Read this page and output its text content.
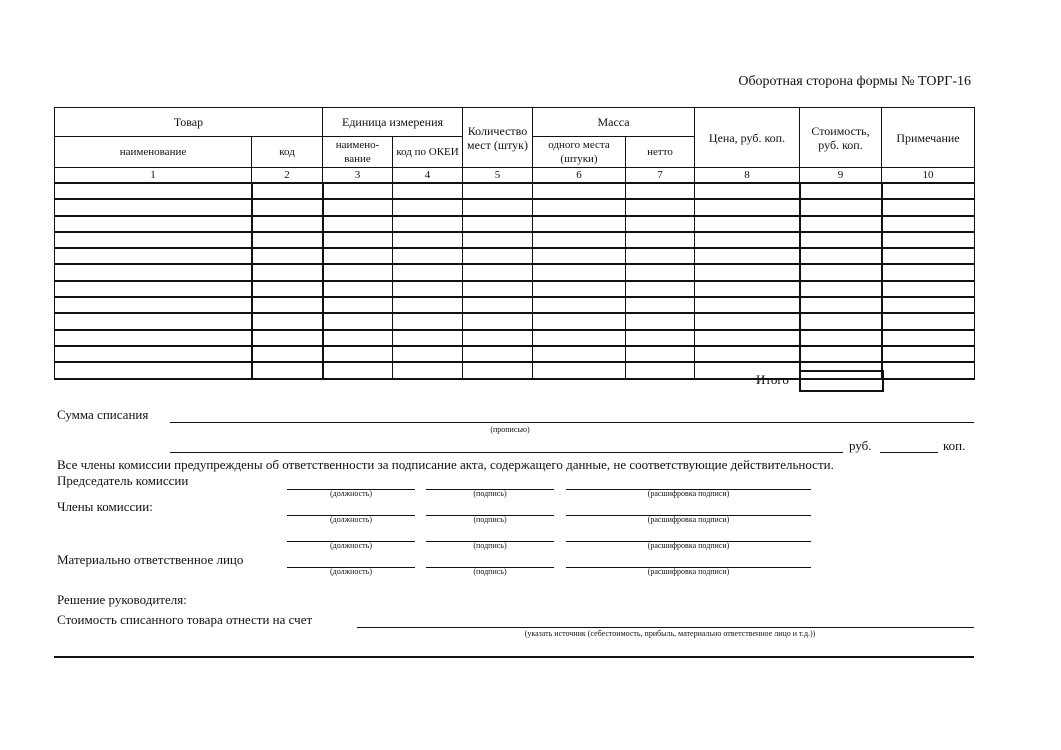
Оборотная сторона формы № ТОРГ-16
Товар		Единица измерения		Количество мест (штук)	Масса		Цена, руб. коп.	Стоимость, руб. коп.	Примечание
наименование	код	наимено-вание	код по ОКЕИ		одного места (штуки)	нетто			
1	2	3	4	5	6	7	8	9	10

Итого
Сумма списания
(прописью)
руб.	коп.
Все члены комиссии предупреждены об ответственности за подписание акта, содержащего данные, не соответствующие действительности.
Председатель комиссии
Члены комиссии:
Материально ответственное лицо
(должность)	(подпись)	(расшифровка подписи)
(должность)	(подпись)	(расшифровка подписи)
(должность)	(подпись)	(расшифровка подписи)
(должность)	(подпись)	(расшифровка подписи)
Решение руководителя:
Стоимость списанного товара отнести на счет
(указать источник (себестоимость, прибыль, материально ответственное лицо и т.д.))
